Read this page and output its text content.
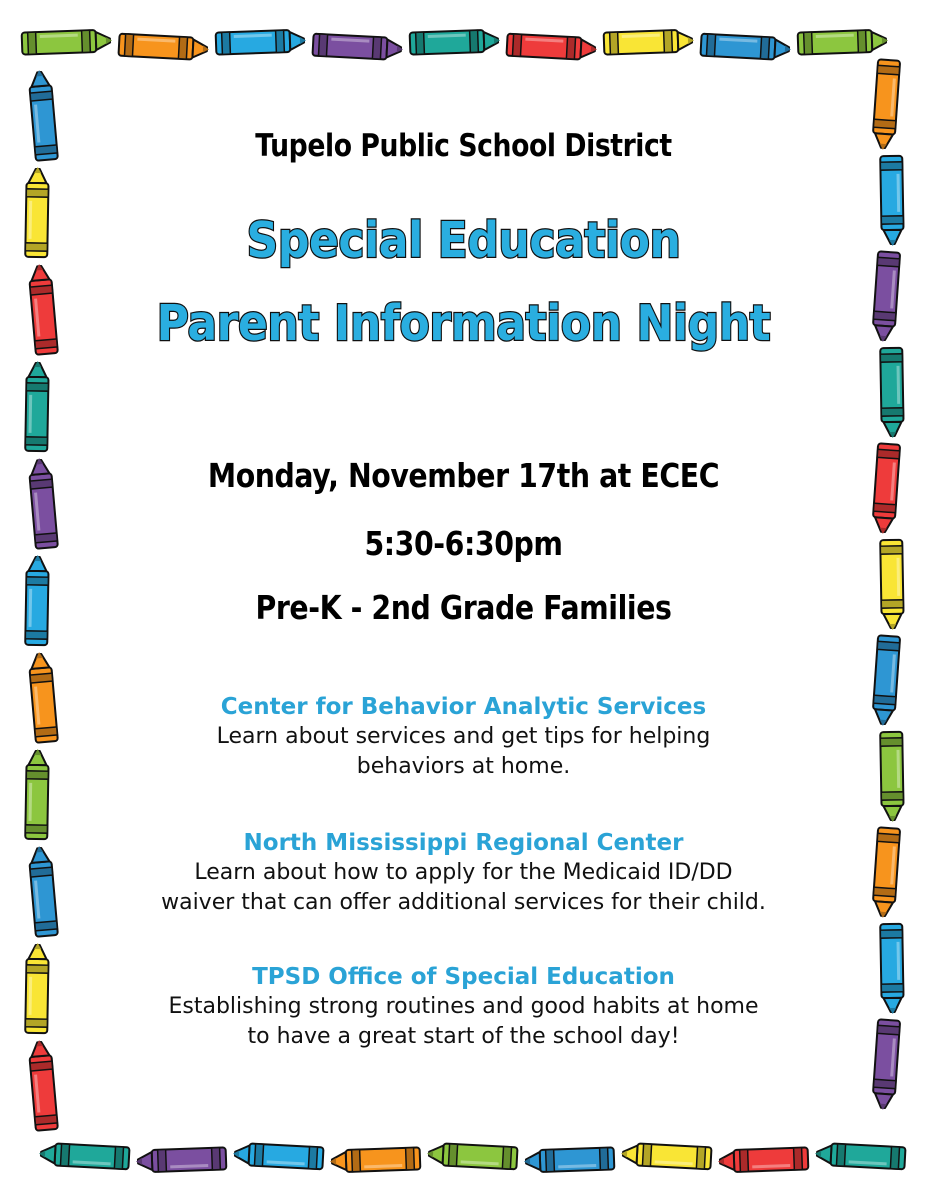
Tupelo Public School District
Special Education
Parent Information Night
Monday, November 17th at ECEC
5:30-6:30pm
Pre-K - 2nd Grade Families
Center for Behavior Analytic Services
Learn about services and get tips for helping
behaviors at home.
North Mississippi Regional Center
Learn about how to apply for the Medicaid ID/DD
waiver that can offer additional services for their child.
TPSD Office of Special Education
Establishing strong routines and good habits at home
to have a great start of the school day!
